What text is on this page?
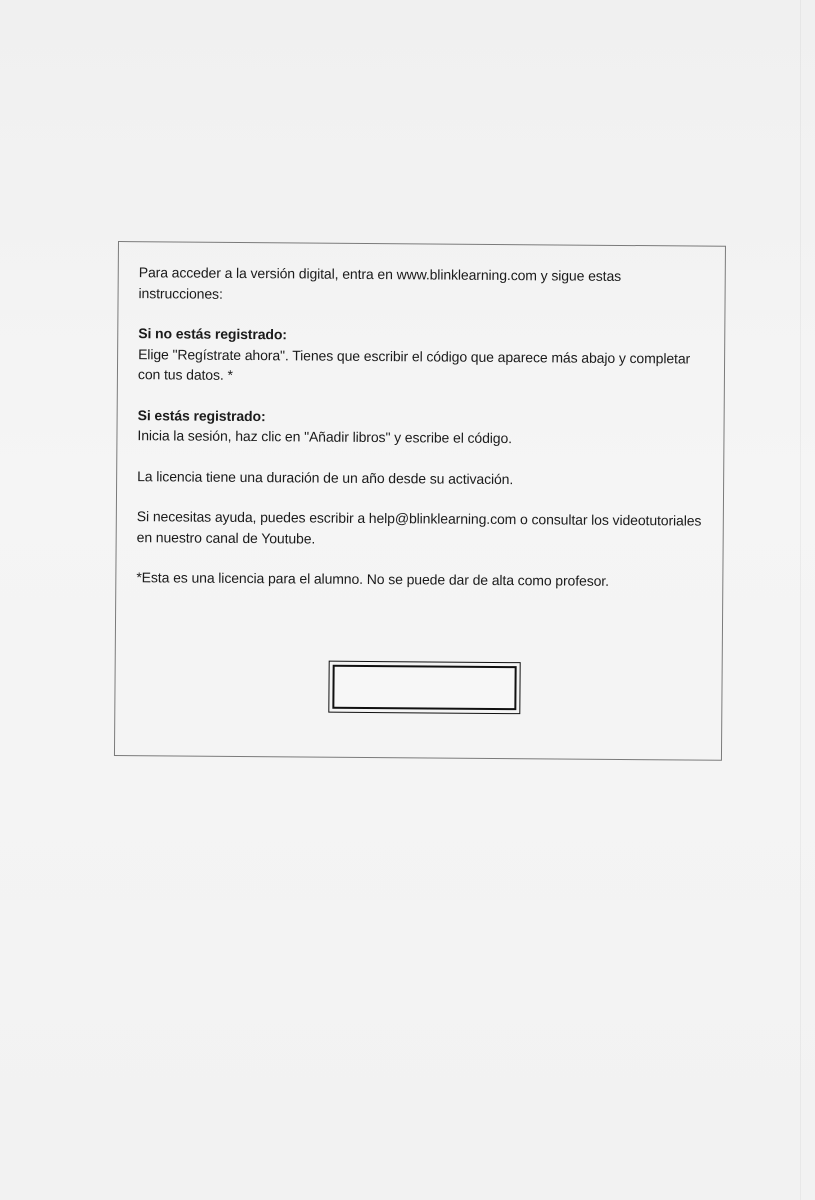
Para acceder a la versión digital, entra en www.blinklearning.com y sigue estas instrucciones:

Si no estás registrado:
Elige "Regístrate ahora". Tienes que escribir el código que aparece más abajo y completar con tus datos. *

Si estás registrado:
Inicia la sesión, haz clic en "Añadir libros" y escribe el código.

La licencia tiene una duración de un año desde su activación.

Si necesitas ayuda, puedes escribir a help@blinklearning.com o consultar los videotutoriales en nuestro canal de Youtube.

*Esta es una licencia para el alumno. No se puede dar de alta como profesor.
